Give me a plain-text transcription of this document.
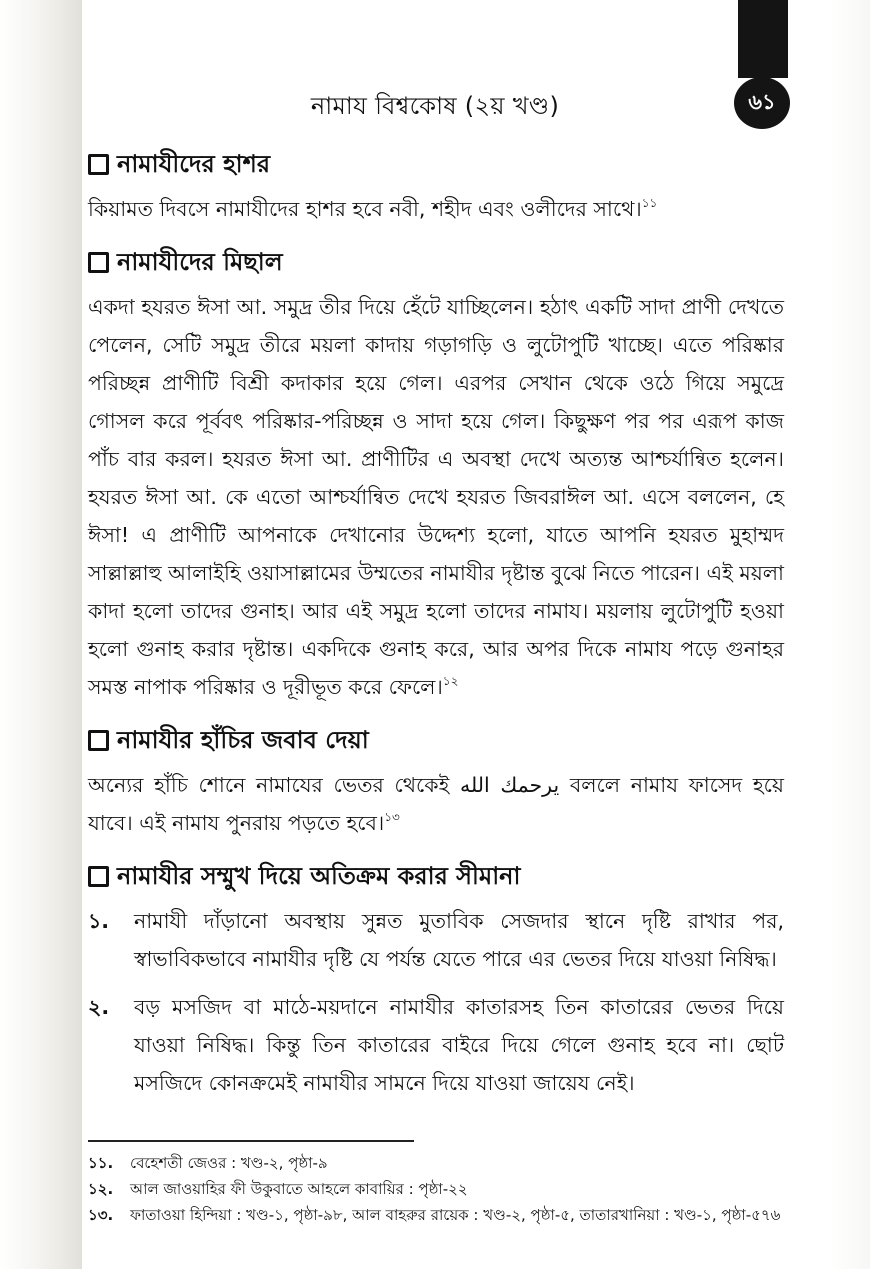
৬১
নামায বিশ্বকোষ (২য় খণ্ড)
নামাযীদের হাশর

কিয়ামত দিবসে নামাযীদের হাশর হবে নবী, শহীদ এবং ওলীদের সাথে।$^{১১}$

নামাযীদের মিছাল

একদা হযরত ঈসা আ. সমুদ্র তীর দিয়ে হেঁটে যাচ্ছিলেন। হঠাৎ একটি সাদা প্রাণী দেখতে পেলেন, সেটি সমুদ্র তীরে ময়লা কাদায় গড়াগড়ি ও লুটোপুটি খাচ্ছে। এতে পরিষ্কার পরিচ্ছন্ন প্রাণীটি বিশ্রী কদাকার হয়ে গেল। এরপর সেখান থেকে ওঠে গিয়ে সমুদ্রে গোসল করে পূর্ববৎ পরিষ্কার-পরিচ্ছন্ন ও সাদা হয়ে গেল। কিছুক্ষণ পর পর এরূপ কাজ পাঁচ বার করল। হযরত ঈসা আ. প্রাণীটির এ অবস্থা দেখে অত্যন্ত আশ্চর্যান্বিত হলেন। হযরত ঈসা আ. কে এতো আশ্চর্যান্বিত দেখে হযরত জিবরাঈল আ. এসে বললেন, হে ঈসা! এ প্রাণীটি আপনাকে দেখানোর উদ্দেশ্য হলো, যাতে আপনি হযরত মুহাম্মদ সাল্লাল্লাহু আলাইহি ওয়াসাল্লামের উম্মতের নামাযীর দৃষ্টান্ত বুঝে নিতে পারেন। এই ময়লা কাদা হলো তাদের গুনাহ। আর এই সমুদ্র হলো তাদের নামায। ময়লায় লুটোপুটি হওয়া হলো গুনাহ করার দৃষ্টান্ত। একদিকে গুনাহ করে, আর অপর দিকে নামায পড়ে গুনাহর সমস্ত নাপাক পরিষ্কার ও দূরীভূত করে ফেলে।$^{১২}$

নামাযীর হাঁচির জবাব দেয়া

অন্যের হাঁচি শোনে নামাযের ভেতর থেকেই يرحمك الله বললে নামায ফাসেদ হয়ে যাবে। এই নামায পুনরায় পড়তে হবে।$^{১৩}$

নামাযীর সম্মুখ দিয়ে অতিক্রম করার সীমানা
১.	নামাযী দাঁড়ানো অবস্থায় সুন্নত মুতাবিক সেজদার স্থানে দৃষ্টি রাখার পর, স্বাভাবিকভাবে নামাযীর দৃষ্টি যে পর্যন্ত যেতে পারে এর ভেতর দিয়ে যাওয়া নিষিদ্ধ।
২.	বড় মসজিদ বা মাঠে-ময়দানে নামাযীর কাতারসহ তিন কাতারের ভেতর দিয়ে যাওয়া নিষিদ্ধ। কিন্তু তিন কাতারের বাইরে দিয়ে গেলে গুনাহ হবে না। ছোট মসজিদে কোনক্রমেই নামাযীর সামনে দিয়ে যাওয়া জায়েয নেই।
১১.	বেহেশতী জেওর : খণ্ড-২, পৃষ্ঠা-৯
১২.	আল জাওয়াহির ফী উকুবাতে আহলে কাবায়ির : পৃষ্ঠা-২২
১৩.	ফাতাওয়া হিন্দিয়া : খণ্ড-১, পৃষ্ঠা-৯৮, আল বাহরুর রায়েক : খণ্ড-২, পৃষ্ঠা-৫, তাতারখানিয়া : খণ্ড-১, পৃষ্ঠা-৫৭৬
